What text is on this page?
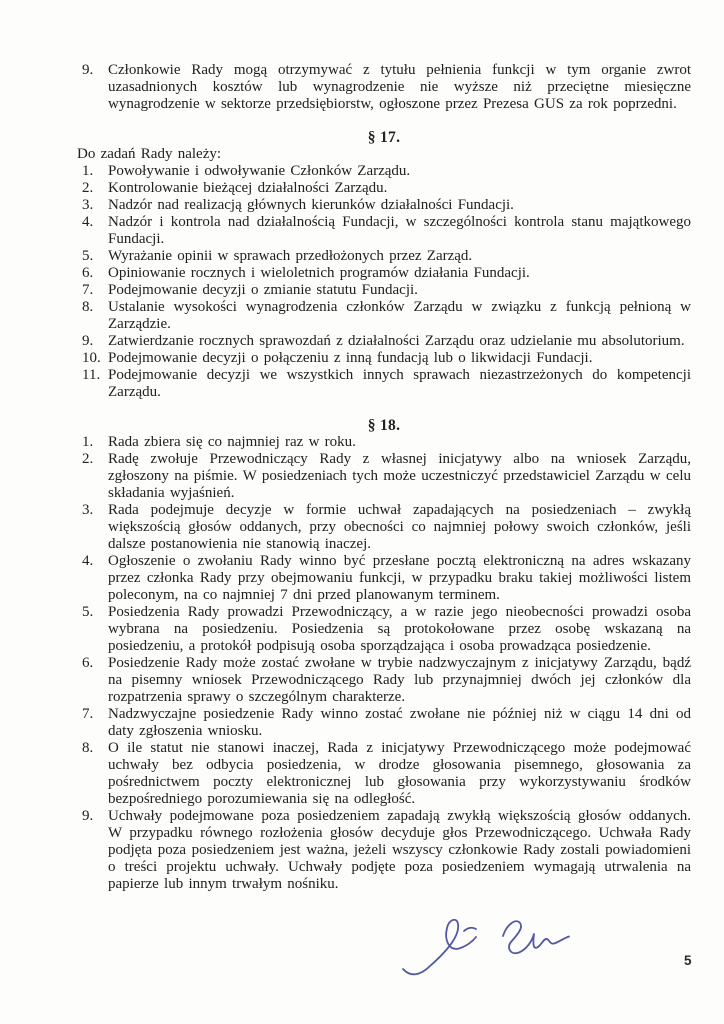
9. Członkowie Rady mogą otrzymywać z tytułu pełnienia funkcji w tym organie zwrot uzasadnionych kosztów lub wynagrodzenie nie wyższe niż przeciętne miesięczne wynagrodzenie w sektorze przedsiębiorstw, ogłoszone przez Prezesa GUS za rok poprzedni.
§ 17.
Do zadań Rady należy:
1. Powoływanie i odwoływanie Członków Zarządu.
2. Kontrolowanie bieżącej działalności Zarządu.
3. Nadzór nad realizacją głównych kierunków działalności Fundacji.
4. Nadzór i kontrola nad działalnością Fundacji, w szczególności kontrola stanu majątkowego Fundacji.
5. Wyrażanie opinii w sprawach przedłożonych przez Zarząd.
6. Opiniowanie rocznych i wieloletnich programów działania Fundacji.
7. Podejmowanie decyzji o zmianie statutu Fundacji.
8. Ustalanie wysokości wynagrodzenia członków Zarządu w związku z funkcją pełnioną w Zarządzie.
9. Zatwierdzanie rocznych sprawozdań z działalności Zarządu oraz udzielanie mu absolutorium.
10. Podejmowanie decyzji o połączeniu z inną fundacją lub o likwidacji Fundacji.
11. Podejmowanie decyzji we wszystkich innych sprawach niezastrzeżonych do kompetencji Zarządu.
§ 18.
1. Rada zbiera się co najmniej raz w roku.
2. Radę zwołuje Przewodniczący Rady z własnej inicjatywy albo na wniosek Zarządu, zgłoszony na piśmie. W posiedzeniach tych może uczestniczyć przedstawiciel Zarządu w celu składania wyjaśnień.
3. Rada podejmuje decyzje w formie uchwał zapadających na posiedzeniach – zwykłą większością głosów oddanych, przy obecności co najmniej połowy swoich członków, jeśli dalsze postanowienia nie stanowią inaczej.
4. Ogłoszenie o zwołaniu Rady winno być przesłane pocztą elektroniczną na adres wskazany przez członka Rady przy obejmowaniu funkcji, w przypadku braku takiej możliwości listem poleconym, na co najmniej 7 dni przed planowanym terminem.
5. Posiedzenia Rady prowadzi Przewodniczący, a w razie jego nieobecności prowadzi osoba wybrana na posiedzeniu. Posiedzenia są protokołowane przez osobę wskazaną na posiedzeniu, a protokół podpisują osoba sporządzająca i osoba prowadząca posiedzenie.
6. Posiedzenie Rady może zostać zwołane w trybie nadzwyczajnym z inicjatywy Zarządu, bądź na pisemny wniosek Przewodniczącego Rady lub przynajmniej dwóch jej członków dla rozpatrzenia sprawy o szczególnym charakterze.
7. Nadzwyczajne posiedzenie Rady winno zostać zwołane nie później niż w ciągu 14 dni od daty zgłoszenia wniosku.
8. O ile statut nie stanowi inaczej, Rada z inicjatywy Przewodniczącego może podejmować uchwały bez odbycia posiedzenia, w drodze głosowania pisemnego, głosowania za pośrednictwem poczty elektronicznej lub głosowania przy wykorzystywaniu środków bezpośredniego porozumiewania się na odległość.
9. Uchwały podejmowane poza posiedzeniem zapadają zwykłą większością głosów oddanych. W przypadku równego rozłożenia głosów decyduje głos Przewodniczącego. Uchwała Rady podjęta poza posiedzeniem jest ważna, jeżeli wszyscy członkowie Rady zostali powiadomieni o treści projektu uchwały. Uchwały podjęte poza posiedzeniem wymagają utrwalenia na papierze lub innym trwałym nośniku.
5
